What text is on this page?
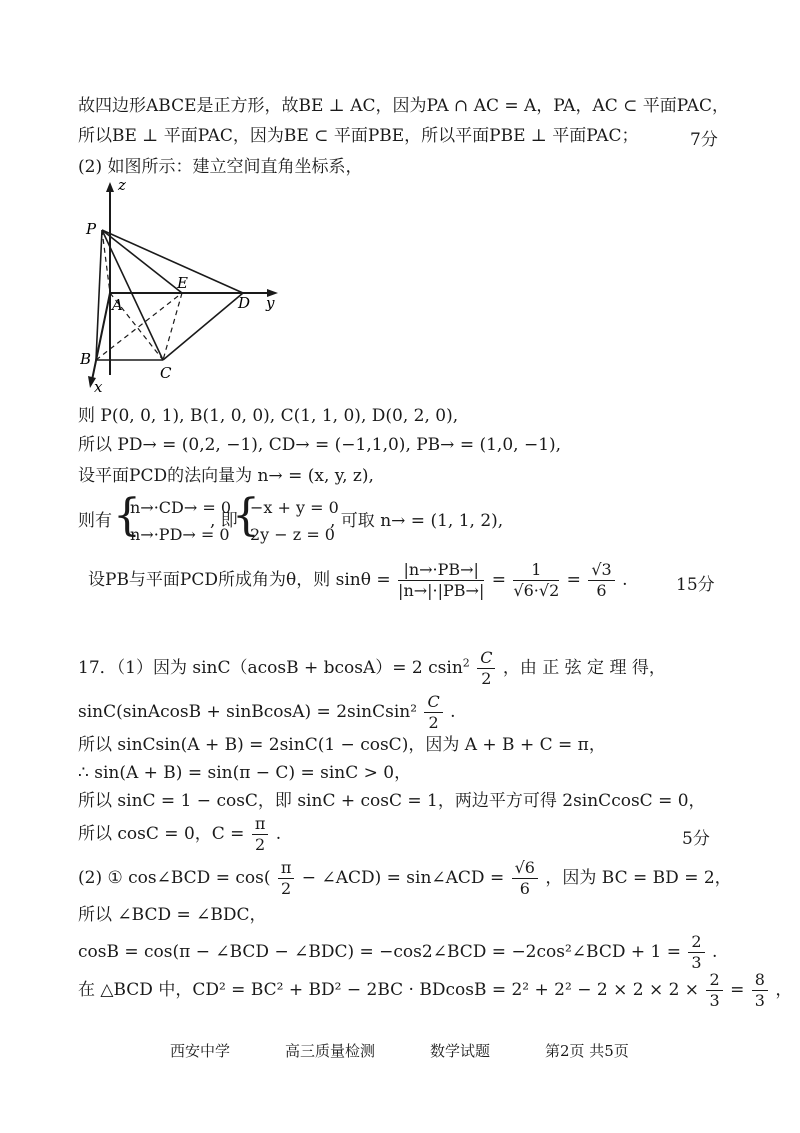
故四边形ABCE是正方形，故BE ⊥ AC，因为PA ∩ AC = A，PA，AC ⊂ 平面PAC，
所以BE ⊥ 平面PAC，因为BE ⊂ 平面PBE，所以平面PBE ⊥ 平面PAC；	7分
(2) 如图所示：建立空间直角坐标系，
z
y
x
P
E
D
A
B
C
则 P(0, 0, 1), B(1, 0, 0), C(1, 1, 0), D(0, 2, 0),
所以 PD→ = (0,2, −1), CD→ = (−1,1,0), PB→ = (1,0, −1),
设平面PCD的法向量为 n→ = (x, y, z),
则有 {
n→·CD→ = 0
n→·PD→ = 0
, 即
{
−x + y = 0
2y − z = 0
, 可取 n→ = (1, 1, 2),
设PB与平面PCD所成角为θ，则 $\sin\theta = \frac{|n\to\cdot PB\to|}{|n\to|\cdot|PB\to|} = \frac{1}{√6\cdot√2} = \frac{√3}{6}$ .	15分
17．（1）因为 sinC（acosB + bcosA）= 2 $csin^2 \frac{C}{2}$ ，由 正 弦 定 理 得，
sinC(sinAcosB + sinBcosA) = 2sinCsin² $\frac{C}{2}$ .
所以 sinCsin(A + B) = 2sinC(1 − cosC)，因为 A + B + C = π，
∴ sin(A + B) = sin(π − C) = sinC > 0，
所以 sinC = 1 − cosC，即 sinC + cosC = 1，两边平方可得 2sinCcosC = 0，
所以 cosC = 0，$C = \frac{\pi}{2}$ .	5分
(2) ① cos∠BCD = $\cos( \frac{\pi}{2}$ − ∠ACD) = sin∠ACD = $\frac{√6}{6}$ ，因为 BC = BD = 2，
所以 ∠BCD = ∠BDC，
cosB = cos(π − ∠BCD − ∠BDC) = −cos2∠BCD = −2cos²∠BCD + $1 = \frac{2}{3}$ .
在 △BCD 中，$CD^2 = BC^2 + BD^2 - 2BC \cdot BDcosB = 2^2 + 2^2 - 2 \times 2 \times 2 \times \frac{2}{3} = \frac{8}{3}$ ，
西安中学	高三质量检测	数学试题	第2页 共5页
